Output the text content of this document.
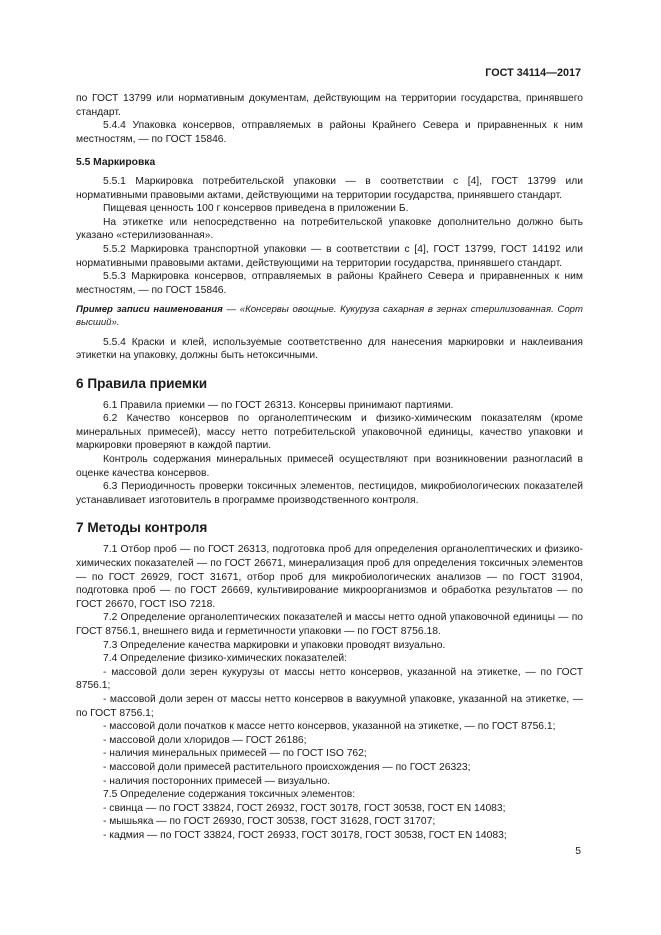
ГОСТ 34114—2017

по ГОСТ 13799 или нормативным документам, действующим на территории государства, принявшего стандарт.

5.4.4 Упаковка консервов, отправляемых в районы Крайнего Севера и приравненных к ним местностям, — по ГОСТ 15846.

5.5 Маркировка

5.5.1 Маркировка потребительской упаковки — в соответствии с [4], ГОСТ 13799 или нормативными правовыми актами, действующими на территории государства, принявшего стандарт.

Пищевая ценность 100 г консервов приведена в приложении Б.

На этикетке или непосредственно на потребительской упаковке дополнительно должно быть указано «стерилизованная».

5.5.2 Маркировка транспортной упаковки — в соответствии с [4], ГОСТ 13799, ГОСТ 14192 или нормативными правовыми актами, действующими на территории государства, принявшего стандарт.

5.5.3 Маркировка консервов, отправляемых в районы Крайнего Севера и приравненных к ним местностям, — по ГОСТ 15846.

Пример записи наименования — «Консервы овощные. Кукуруза сахарная в зернах стерилизованная. Сорт высший».

5.5.4 Краски и клей, используемые соответственно для нанесения маркировки и наклеивания этикетки на упаковку, должны быть нетоксичными.

6 Правила приемки

6.1 Правила приемки — по ГОСТ 26313. Консервы принимают партиями.

6.2 Качество консервов по органолептическим и физико-химическим показателям (кроме минеральных примесей), массу нетто потребительской упаковочной единицы, качество упаковки и маркировки проверяют в каждой партии.

Контроль содержания минеральных примесей осуществляют при возникновении разногласий в оценке качества консервов.

6.3 Периодичность проверки токсичных элементов, пестицидов, микробиологических показателей устанавливает изготовитель в программе производственного контроля.

7 Методы контроля

7.1 Отбор проб — по ГОСТ 26313, подготовка проб для определения органолептических и физико-химических показателей — по ГОСТ 26671, минерализация проб для определения токсичных элементов — по ГОСТ 26929, ГОСТ 31671, отбор проб для микробиологических анализов — по ГОСТ 31904, подготовка проб — по ГОСТ 26669, культивирование микроорганизмов и обработка результатов — по ГОСТ 26670, ГОСТ ISO 7218.

7.2 Определение органолептических показателей и массы нетто одной упаковочной единицы — по ГОСТ 8756.1, внешнего вида и герметичности упаковки — по ГОСТ 8756.18.

7.3 Определение качества маркировки и упаковки проводят визуально.

7.4 Определение физико-химических показателей:

- массовой доли зерен кукурузы от массы нетто консервов, указанной на этикетке, — по ГОСТ 8756.1;

- массовой доли зерен от массы нетто консервов в вакуумной упаковке, указанной на этикетке, — по ГОСТ 8756.1;

- массовой доли початков к массе нетто консервов, указанной на этикетке, — по ГОСТ 8756.1;

- массовой доли хлоридов — ГОСТ 26186;

- наличия минеральных примесей — по ГОСТ ISO 762;

- массовой доли примесей растительного происхождения — по ГОСТ 26323;

- наличия посторонних примесей — визуально.

7.5 Определение содержания токсичных элементов:

- свинца — по ГОСТ 33824, ГОСТ 26932, ГОСТ 30178, ГОСТ 30538, ГОСТ EN 14083;

- мышьяка — по ГОСТ 26930, ГОСТ 30538, ГОСТ 31628, ГОСТ 31707;

- кадмия — по ГОСТ 33824, ГОСТ 26933, ГОСТ 30178, ГОСТ 30538, ГОСТ EN 14083;

5
